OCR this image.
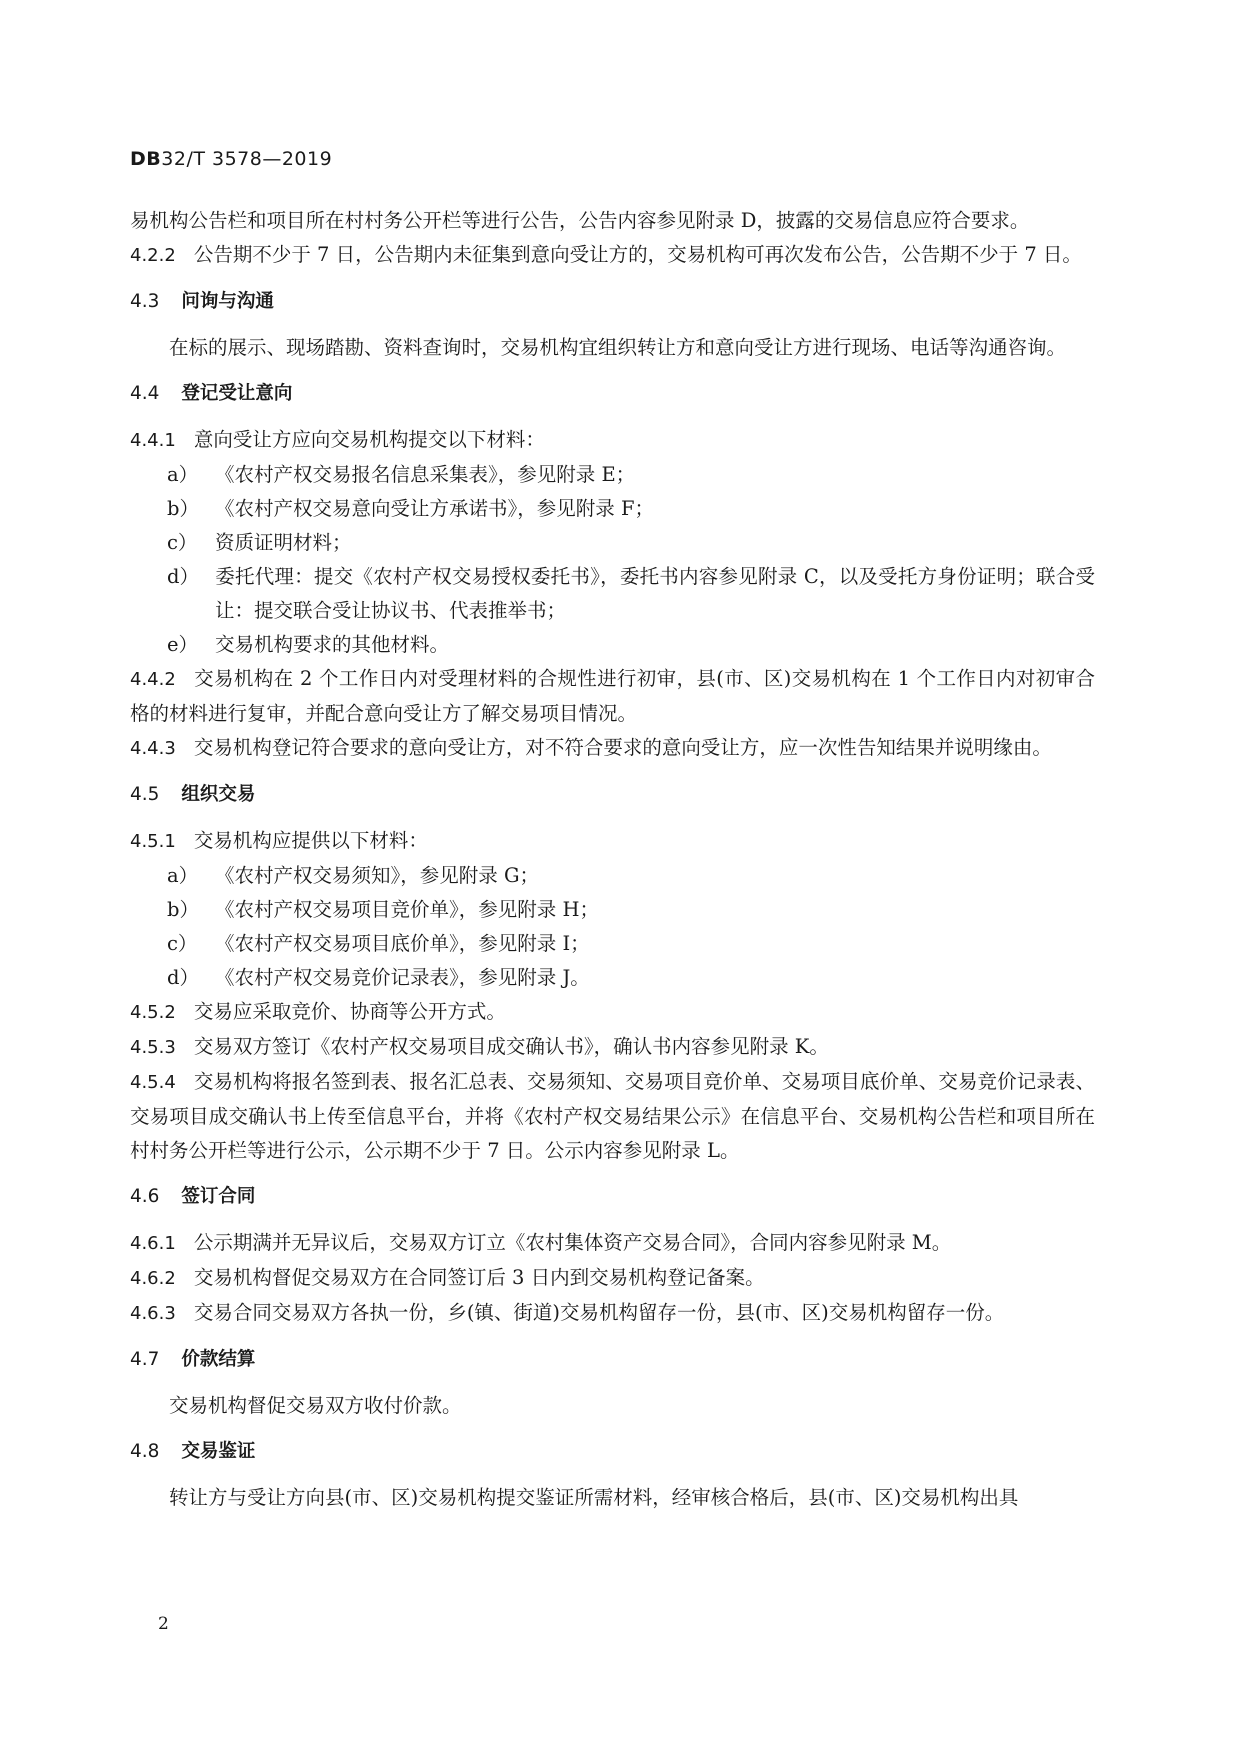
DB32/T 3578—2019

易机构公告栏和项目所在村村务公开栏等进行公告，公告内容参见附录 D，披露的交易信息应符合要求。

4.2.2 公告期不少于 7 日，公告期内未征集到意向受让方的，交易机构可再次发布公告，公告期不少于 7 日。

4.3 问询与沟通

在标的展示、现场踏勘、资料查询时，交易机构宜组织转让方和意向受让方进行现场、电话等沟通咨询。

4.4 登记受让意向

4.4.1 意向受让方应向交易机构提交以下材料：

a） 《农村产权交易报名信息采集表》，参见附录 E；

b） 《农村产权交易意向受让方承诺书》，参见附录 F；

c） 资质证明材料；

d） 委托代理：提交《农村产权交易授权委托书》，委托书内容参见附录 C，以及受托方身份证明；联合受让：提交联合受让协议书、代表推举书；

e） 交易机构要求的其他材料。

4.4.2 交易机构在 2 个工作日内对受理材料的合规性进行初审，县(市、区)交易机构在 1 个工作日内对初审合格的材料进行复审，并配合意向受让方了解交易项目情况。

4.4.3 交易机构登记符合要求的意向受让方，对不符合要求的意向受让方，应一次性告知结果并说明缘由。

4.5 组织交易

4.5.1 交易机构应提供以下材料：

a） 《农村产权交易须知》，参见附录 G；

b） 《农村产权交易项目竞价单》，参见附录 H；

c） 《农村产权交易项目底价单》，参见附录 I；

d） 《农村产权交易竞价记录表》，参见附录 J。

4.5.2 交易应采取竞价、协商等公开方式。

4.5.3 交易双方签订《农村产权交易项目成交确认书》，确认书内容参见附录 K。

4.5.4 交易机构将报名签到表、报名汇总表、交易须知、交易项目竞价单、交易项目底价单、交易竞价记录表、交易项目成交确认书上传至信息平台，并将《农村产权交易结果公示》在信息平台、交易机构公告栏和项目所在村村务公开栏等进行公示，公示期不少于 7 日。公示内容参见附录 L。

4.6 签订合同

4.6.1 公示期满并无异议后，交易双方订立《农村集体资产交易合同》，合同内容参见附录 M。

4.6.2 交易机构督促交易双方在合同签订后 3 日内到交易机构登记备案。

4.6.3 交易合同交易双方各执一份，乡(镇、街道)交易机构留存一份，县(市、区)交易机构留存一份。

4.7 价款结算

交易机构督促交易双方收付价款。

4.8 交易鉴证

转让方与受让方向县(市、区)交易机构提交鉴证所需材料，经审核合格后，县(市、区)交易机构出具

2
